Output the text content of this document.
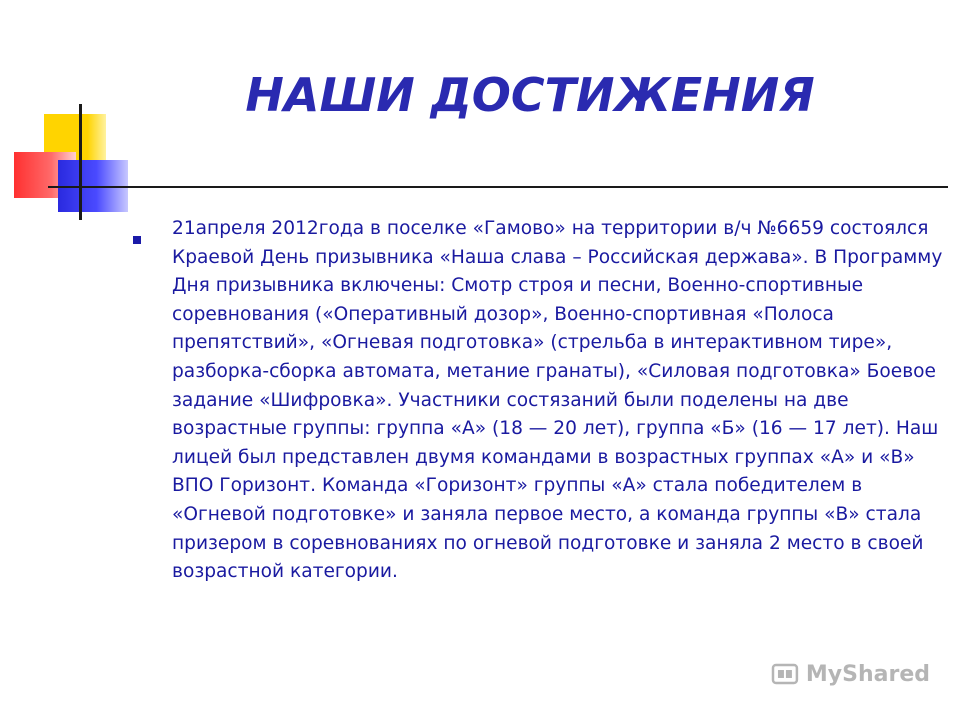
НАШИ ДОСТИЖЕНИЯ

21апреля 2012года в поселке «Гамово» на территории в/ч №6659 состоялся Краевой День призывника «Наша слава – Российская держава». В Программу Дня призывника включены: Смотр строя и песни, Военно-спортивные соревнования («Оперативный дозор», Военно-спортивная «Полоса препятствий», «Огневая подготовка» (стрельба в интерактивном тире», разборка-сборка автомата, метание гранаты), «Силовая подготовка» Боевое задание «Шифровка». Участники состязаний были поделены на две возрастные группы: группа «А» (18 — 20 лет), группа «Б» (16 — 17 лет). Наш лицей был представлен двумя командами в возрастных группах «А» и «В» ВПО Горизонт. Команда «Горизонт» группы «А» стала победителем в «Огневой подготовке» и заняла первое место, а команда группы «В» стала призером в соревнованиях по огневой подготовке и заняла 2 место в своей возрастной категории.

MyShared
